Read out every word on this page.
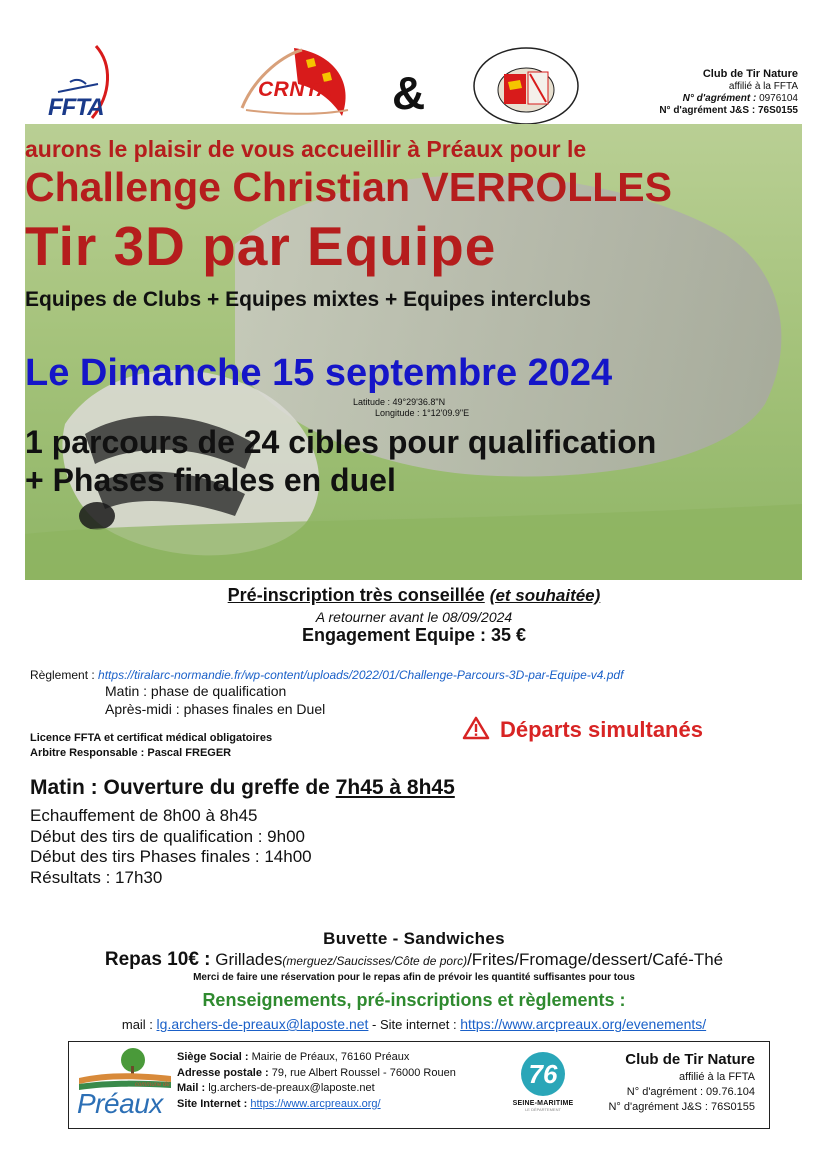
FFTA
CRNTA &	Club de Tir Nature
affilié à la FFTA
N° d'agrément : 0976104
N° d'agrément J&S : 76S0155
aurons le plaisir de vous accueillir à Préaux pour le
Challenge Christian VERROLLES
Tir 3D par Equipe
Equipes de Clubs + Equipes mixtes + Equipes interclubs
Le Dimanche 15 septembre 2024
Latitude : 49°29'36.8"N
Longitude : 1°12'09.9"E
1 parcours de 24 cibles pour qualification
+ Phases finales en duel
Pré-inscription très conseillée (et souhaitée)
A retourner avant le 08/09/2024
Engagement Equipe : 35 €
Règlement : https://tiralarc-normandie.fr/wp-content/uploads/2022/01/Challenge-Parcours-3D-par-Equipe-v4.pdf
Matin : phase de qualification
Après-midi : phases finales en Duel
Licence FFTA et certificat médical obligatoires
Arbitre Responsable : Pascal FREGER
Départs simultanés
Matin : Ouverture du greffe de 7h45 à 8h45
Echauffement de 8h00 à 8h45
Début des tirs de qualification : 9h00
Début des tirs Phases finales : 14h00
Résultats : 17h30
Buvette - Sandwiches
Repas 10€ : Grillades(merguez/Saucisses/Côte de porc)/Frites/Fromage/dessert/Café-Thé
Merci de faire une réservation pour le repas afin de prévoir les quantité suffisantes pour tous
Renseignements, pré-inscriptions et règlements :
mail : lg.archers-de-preaux@laposte.net - Site internet : https://www.arcpreaux.org/evenements/
commune de
Préaux
Siège Social : Mairie de Préaux, 76160 Préaux
Adresse postale : 79, rue Albert Roussel - 76000 Rouen
Mail : lg.archers-de-preaux@laposte.net
Site Internet : https://www.arcpreaux.org/
76
SEINE-MARITIME
LE DÉPARTEMENT
Club de Tir Nature
affilié à la FFTA
N° d'agrément : 09.76.104
N° d'agrément J&S : 76S0155
